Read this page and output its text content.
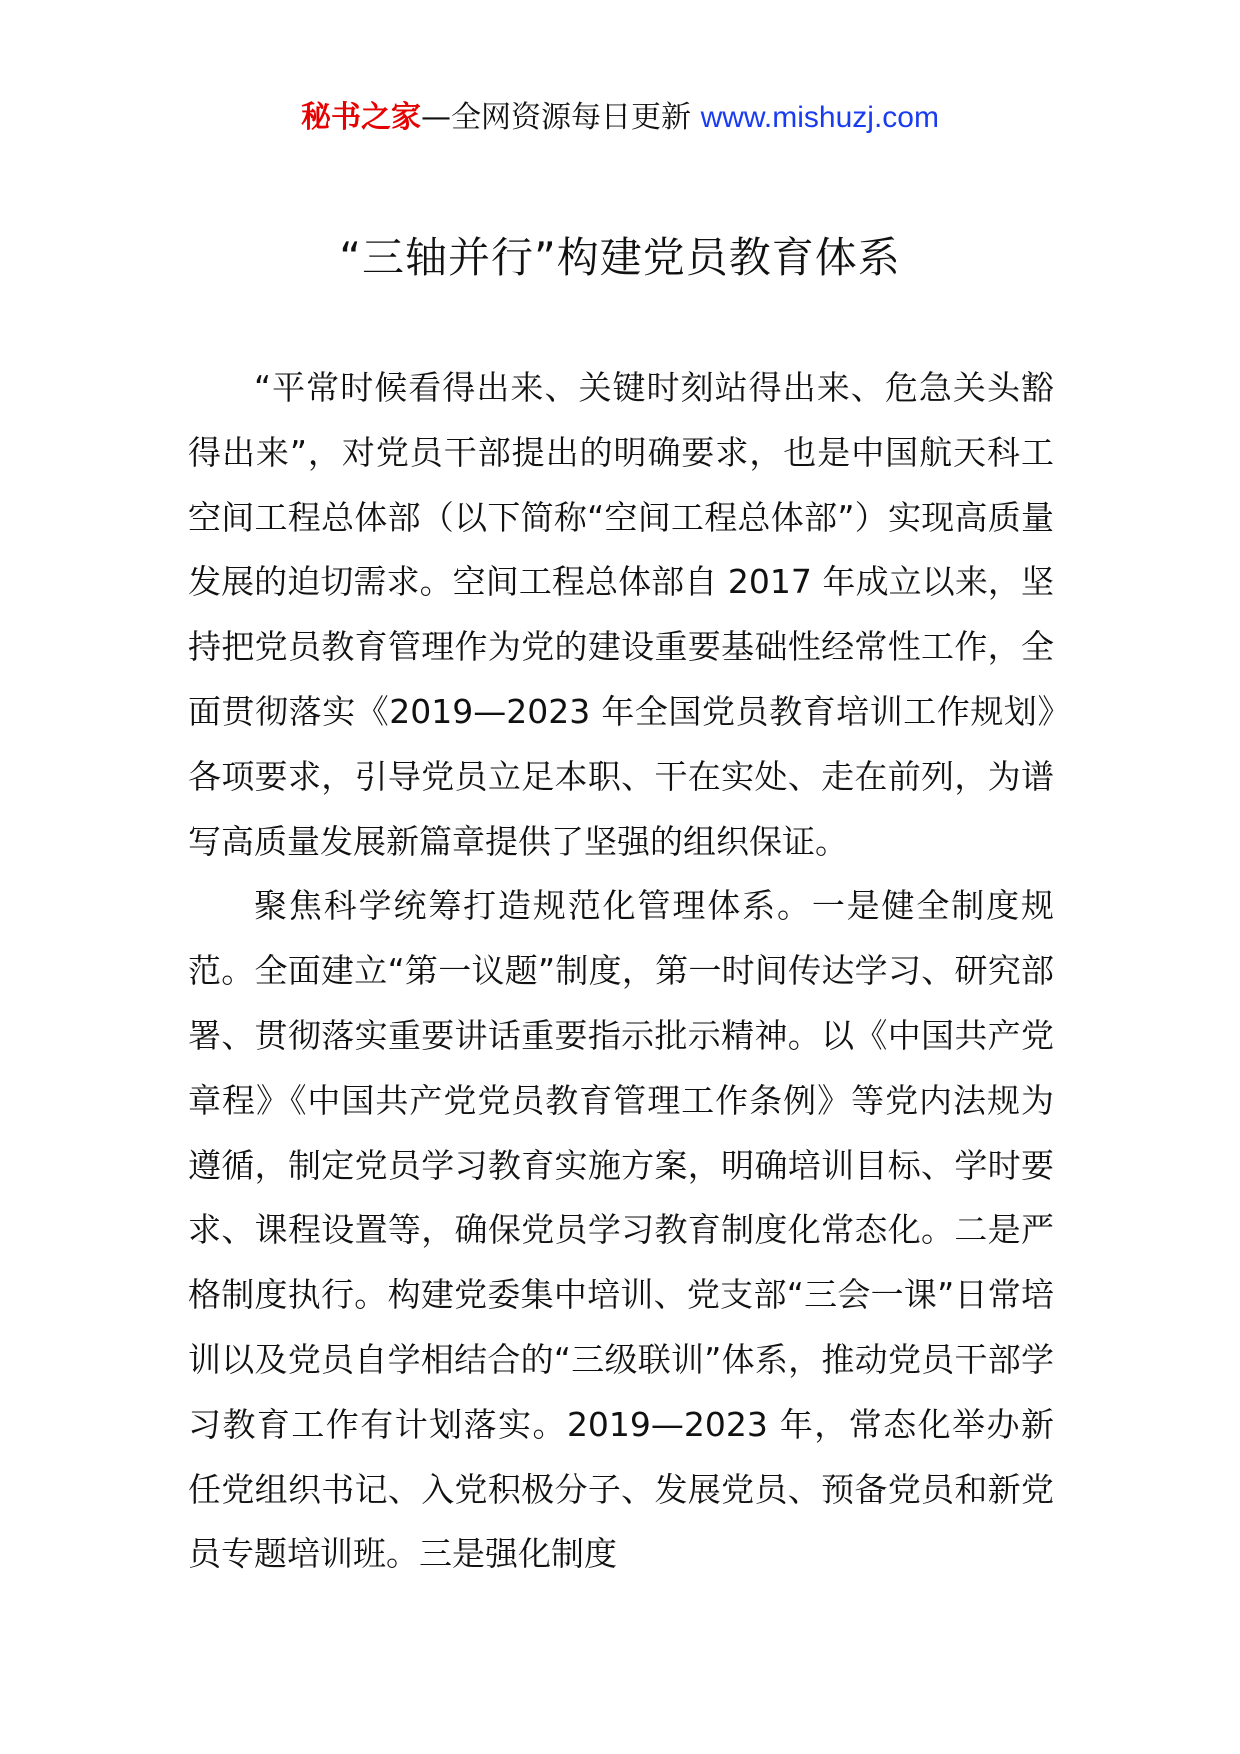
秘书之家—全网资源每日更新 www.mishuzj.com
“三轴并行”构建党员教育体系

“平常时候看得出来、关键时刻站得出来、危急关头豁得出来”，对党员干部提出的明确要求，也是中国航天科工空间工程总体部（以下简称“空间工程总体部”）实现高质量发展的迫切需求。空间工程总体部自 2017 年成立以来，坚持把党员教育管理作为党的建设重要基础性经常性工作，全面贯彻落实《2019—2023 年全国党员教育培训工作规划》各项要求，引导党员立足本职、干在实处、走在前列，为谱写高质量发展新篇章提供了坚强的组织保证。

聚焦科学统筹打造规范化管理体系。一是健全制度规范。全面建立“第一议题”制度，第一时间传达学习、研究部署、贯彻落实重要讲话重要指示批示精神。以《中国共产党章程》《中国共产党党员教育管理工作条例》等党内法规为遵循，制定党员学习教育实施方案，明确培训目标、学时要求、课程设置等，确保党员学习教育制度化常态化。二是严格制度执行。构建党委集中培训、党支部“三会一课”日常培训以及党员自学相结合的“三级联训”体系，推动党员干部学习教育工作有计划落实。2019—2023 年，常态化举办新任党组织书记、入党积极分子、发展党员、预备党员和新党员专题培训班。三是强化制度
